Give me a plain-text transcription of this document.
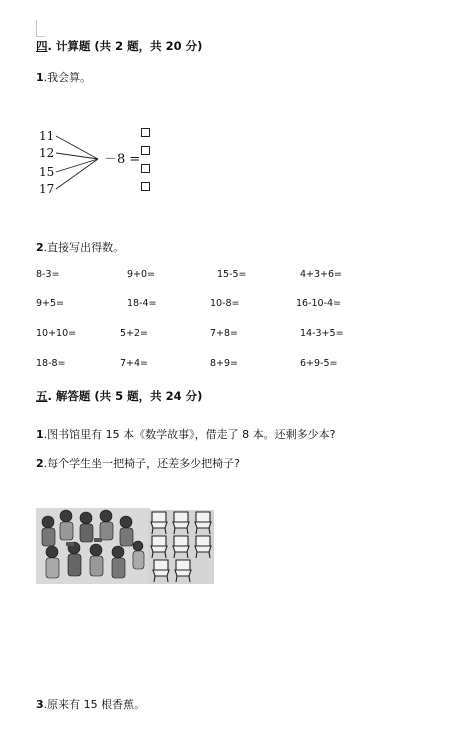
四. 计算题 (共 2 题，共 20 分)
1.我会算。
11
12
15
17
－8 =
2.直接写出得数。
8-3=	9+0=	15-5=	4+3+6=
9+5=	18-4=	10-8=	16-10-4=
10+10=	5+2=	7+8=	14-3+5=
18-8=	7+4=	8+9=	6+9-5=
五. 解答题 (共 5 题，共 24 分)
1.图书馆里有 15 本《数学故事》，借走了 8 本。还剩多少本?
2.每个学生坐一把椅子，还差多少把椅子?
3.原来有 15 根香蕉。
